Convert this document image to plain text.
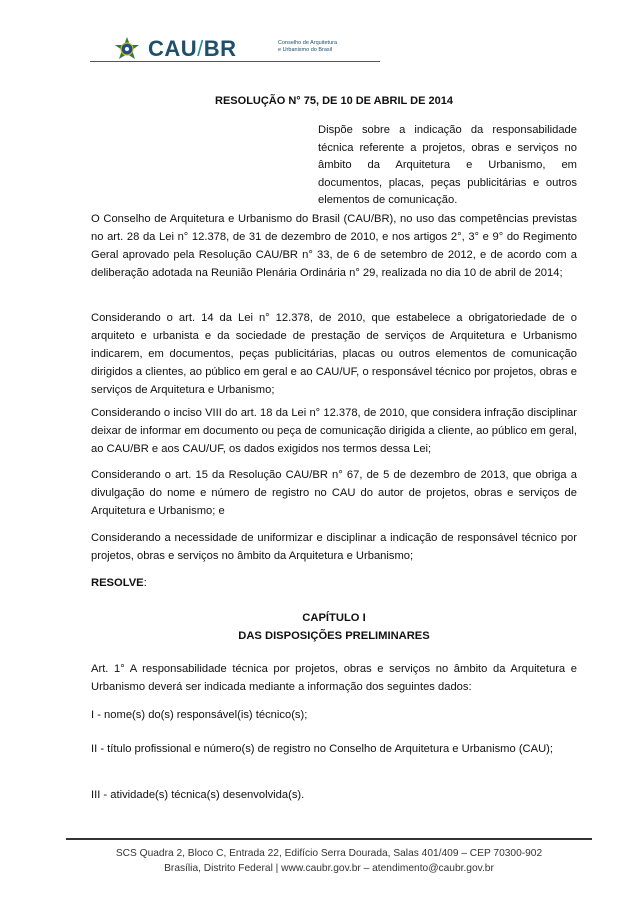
CAU/BR	Conselho de Arquitetura
e Urbanismo do Brasil
RESOLUÇÃO N° 75, DE 10 DE ABRIL DE 2014
Dispõe sobre a indicação da responsabilidade técnica referente a projetos, obras e serviços no âmbito da Arquitetura e Urbanismo, em documentos, placas, peças publicitárias e outros elementos de comunicação.

O Conselho de Arquitetura e Urbanismo do Brasil (CAU/BR), no uso das competências previstas no art. 28 da Lei n° 12.378, de 31 de dezembro de 2010, e nos artigos 2°, 3° e 9° do Regimento Geral aprovado pela Resolução CAU/BR n° 33, de 6 de setembro de 2012, e de acordo com a deliberação adotada na Reunião Plenária Ordinária n° 29, realizada no dia 10 de abril de 2014;

Considerando o art. 14 da Lei n° 12.378, de 2010, que estabelece a obrigatoriedade de o arquiteto e urbanista e da sociedade de prestação de serviços de Arquitetura e Urbanismo indicarem, em documentos, peças publicitárias, placas ou outros elementos de comunicação dirigidos a clientes, ao público em geral e ao CAU/UF, o responsável técnico por projetos, obras e serviços de Arquitetura e Urbanismo;

Considerando o inciso VIII do art. 18 da Lei n° 12.378, de 2010, que considera infração disciplinar deixar de informar em documento ou peça de comunicação dirigida a cliente, ao público em geral, ao CAU/BR e aos CAU/UF, os dados exigidos nos termos dessa Lei;

Considerando o art. 15 da Resolução CAU/BR n° 67, de 5 de dezembro de 2013, que obriga a divulgação do nome e número de registro no CAU do autor de projetos, obras e serviços de Arquitetura e Urbanismo; e

Considerando a necessidade de uniformizar e disciplinar a indicação de responsável técnico por projetos, obras e serviços no âmbito da Arquitetura e Urbanismo;

RESOLVE:

CAPÍTULO I

DAS DISPOSIÇÕES PRELIMINARES

Art. 1° A responsabilidade técnica por projetos, obras e serviços no âmbito da Arquitetura e Urbanismo deverá ser indicada mediante a informação dos seguintes dados:

I - nome(s) do(s) responsável(is) técnico(s);

II - título profissional e número(s) de registro no Conselho de Arquitetura e Urbanismo (CAU);

III - atividade(s) técnica(s) desenvolvida(s).

SCS Quadra 2, Bloco C, Entrada 22, Edifício Serra Dourada, Salas 401/409 – CEP 70300-902
Brasília, Distrito Federal | www.caubr.gov.br – atendimento@caubr.gov.br
